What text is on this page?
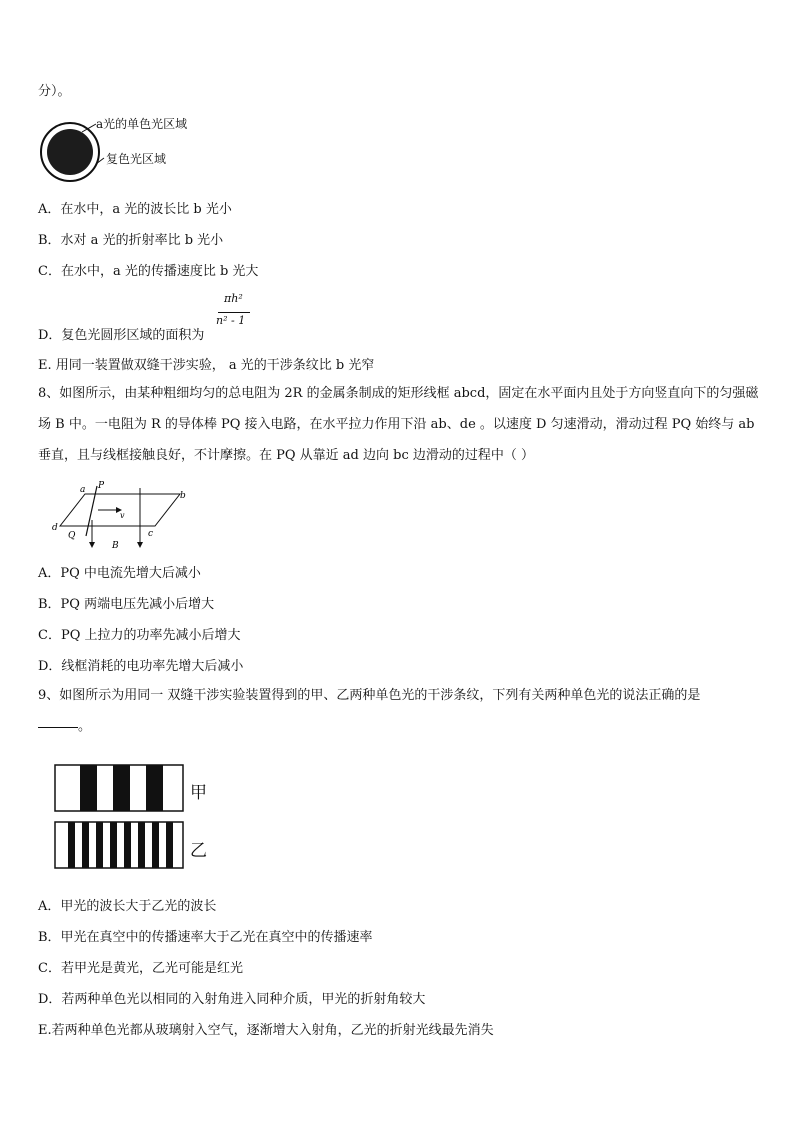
分）。
a光的单色光区域
复色光区域
A．在水中，a 光的波长比 b 光小
B．水对 a 光的折射率比 b 光小
C．在水中，a 光的传播速度比 b 光大
πh²
n² - 1
D．复色光圆形区域的面积为
E. 用同一装置做双缝干涉实验， a 光的干涉条纹比 b 光窄
8、如图所示，由某种粗细均匀的总电阻为 2R 的金属条制成的矩形线框 abcd，固定在水平面内且处于方向竖直向下的匀强磁场 B 中。一电阻为 R 的导体棒 PQ 接入电路，在水平拉力作用下沿 ab、de 。以速度 D 匀速滑动，滑动过程 PQ 始终与 ab 垂直，且与线框接触良好，不计摩擦。在 PQ 从靠近 ad 边向 bc 边滑动的过程中（ ）
a
b
c
d
P
Q
v
B
A．PQ 中电流先增大后减小
B．PQ 两端电压先减小后增大
C．PQ 上拉力的功率先减小后增大
D．线框消耗的电功率先增大后减小
9、如图所示为用同一 双缝干涉实验装置得到的甲、乙两种单色光的干涉条纹，下列有关两种单色光的说法正确的是
。
甲
乙
A．甲光的波长大于乙光的波长
B．甲光在真空中的传播速率大于乙光在真空中的传播速率
C．若甲光是黄光，乙光可能是红光
D．若两种单色光以相同的入射角进入同种介质，甲光的折射角较大
E.若两种单色光都从玻璃射入空气，逐渐增大入射角，乙光的折射光线最先消失
